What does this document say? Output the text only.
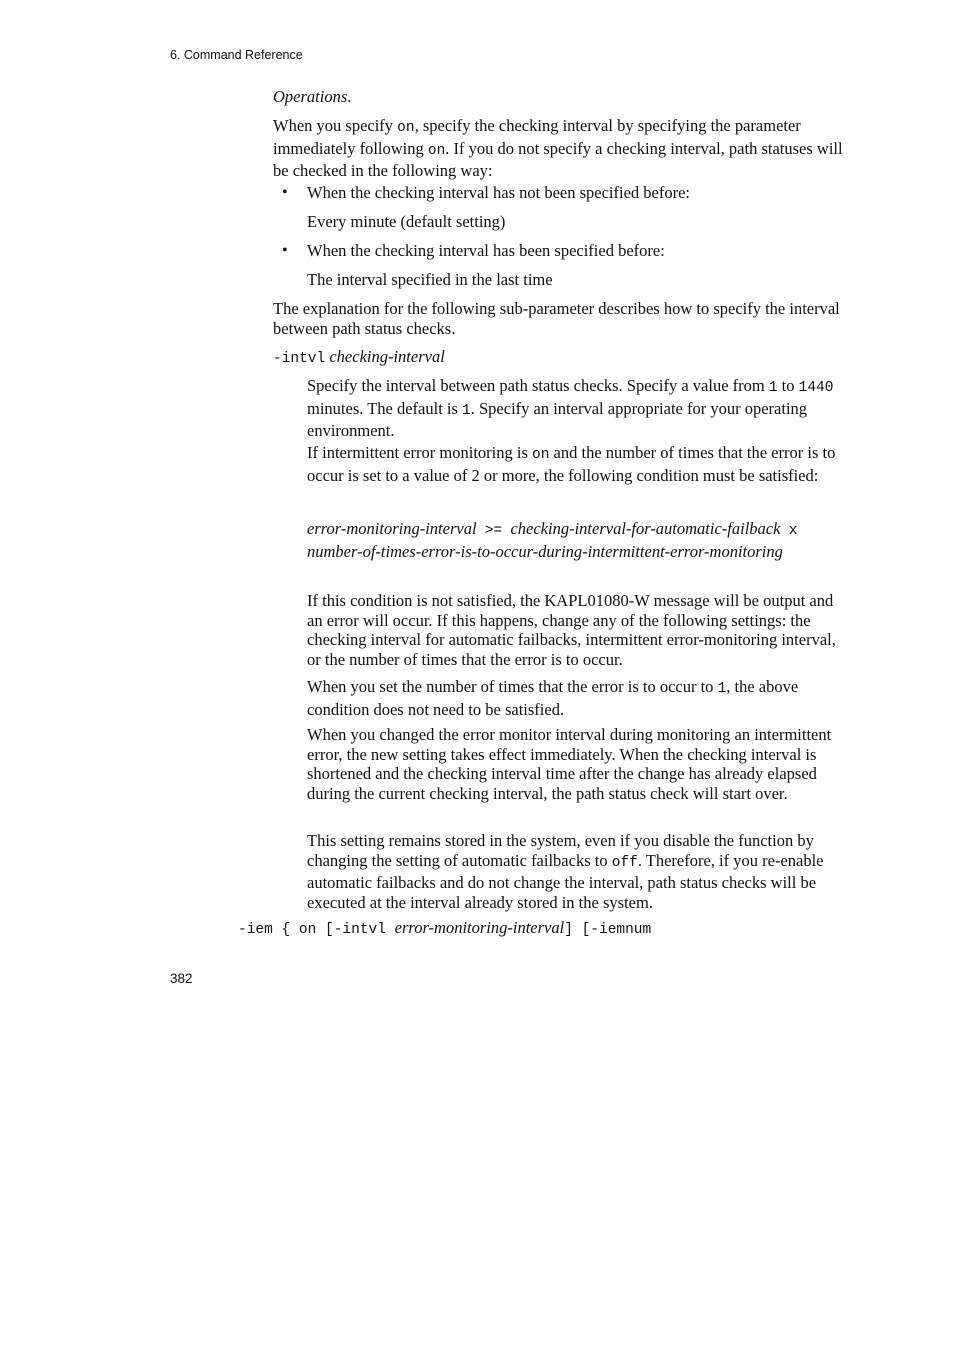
6. Command Reference

Operations.

When you specify on, specify the checking interval by specifying the parameter immediately following on. If you do not specify a checking interval, path statuses will be checked in the following way:

• When the checking interval has not been specified before:

Every minute (default setting)

• When the checking interval has been specified before:

The interval specified in the last time

The explanation for the following sub-parameter describes how to specify the interval between path status checks.

-intvl checking-interval

Specify the interval between path status checks. Specify a value from 1 to 1440 minutes. The default is 1. Specify an interval appropriate for your operating environment.

If intermittent error monitoring is on and the number of times that the error is to occur is set to a value of 2 or more, the following condition must be satisfied:

error-monitoring-interval >= checking-interval-for-automatic-failback x
number-of-times-error-is-to-occur-during-intermittent-error-monitoring

If this condition is not satisfied, the KAPL01080-W message will be output and an error will occur. If this happens, change any of the following settings: the checking interval for automatic failbacks, intermittent error-monitoring interval, or the number of times that the error is to occur.

When you set the number of times that the error is to occur to 1, the above condition does not need to be satisfied.

When you changed the error monitor interval during monitoring an intermittent error, the new setting takes effect immediately. When the checking interval is shortened and the checking interval time after the change has already elapsed during the current checking interval, the path status check will start over.

This setting remains stored in the system, even if you disable the function by changing the setting of automatic failbacks to off. Therefore, if you re-enable automatic failbacks and do not change the interval, path status checks will be executed at the interval already stored in the system.

-iem { on [-intvl error-monitoring-interval] [-iemnum

382
